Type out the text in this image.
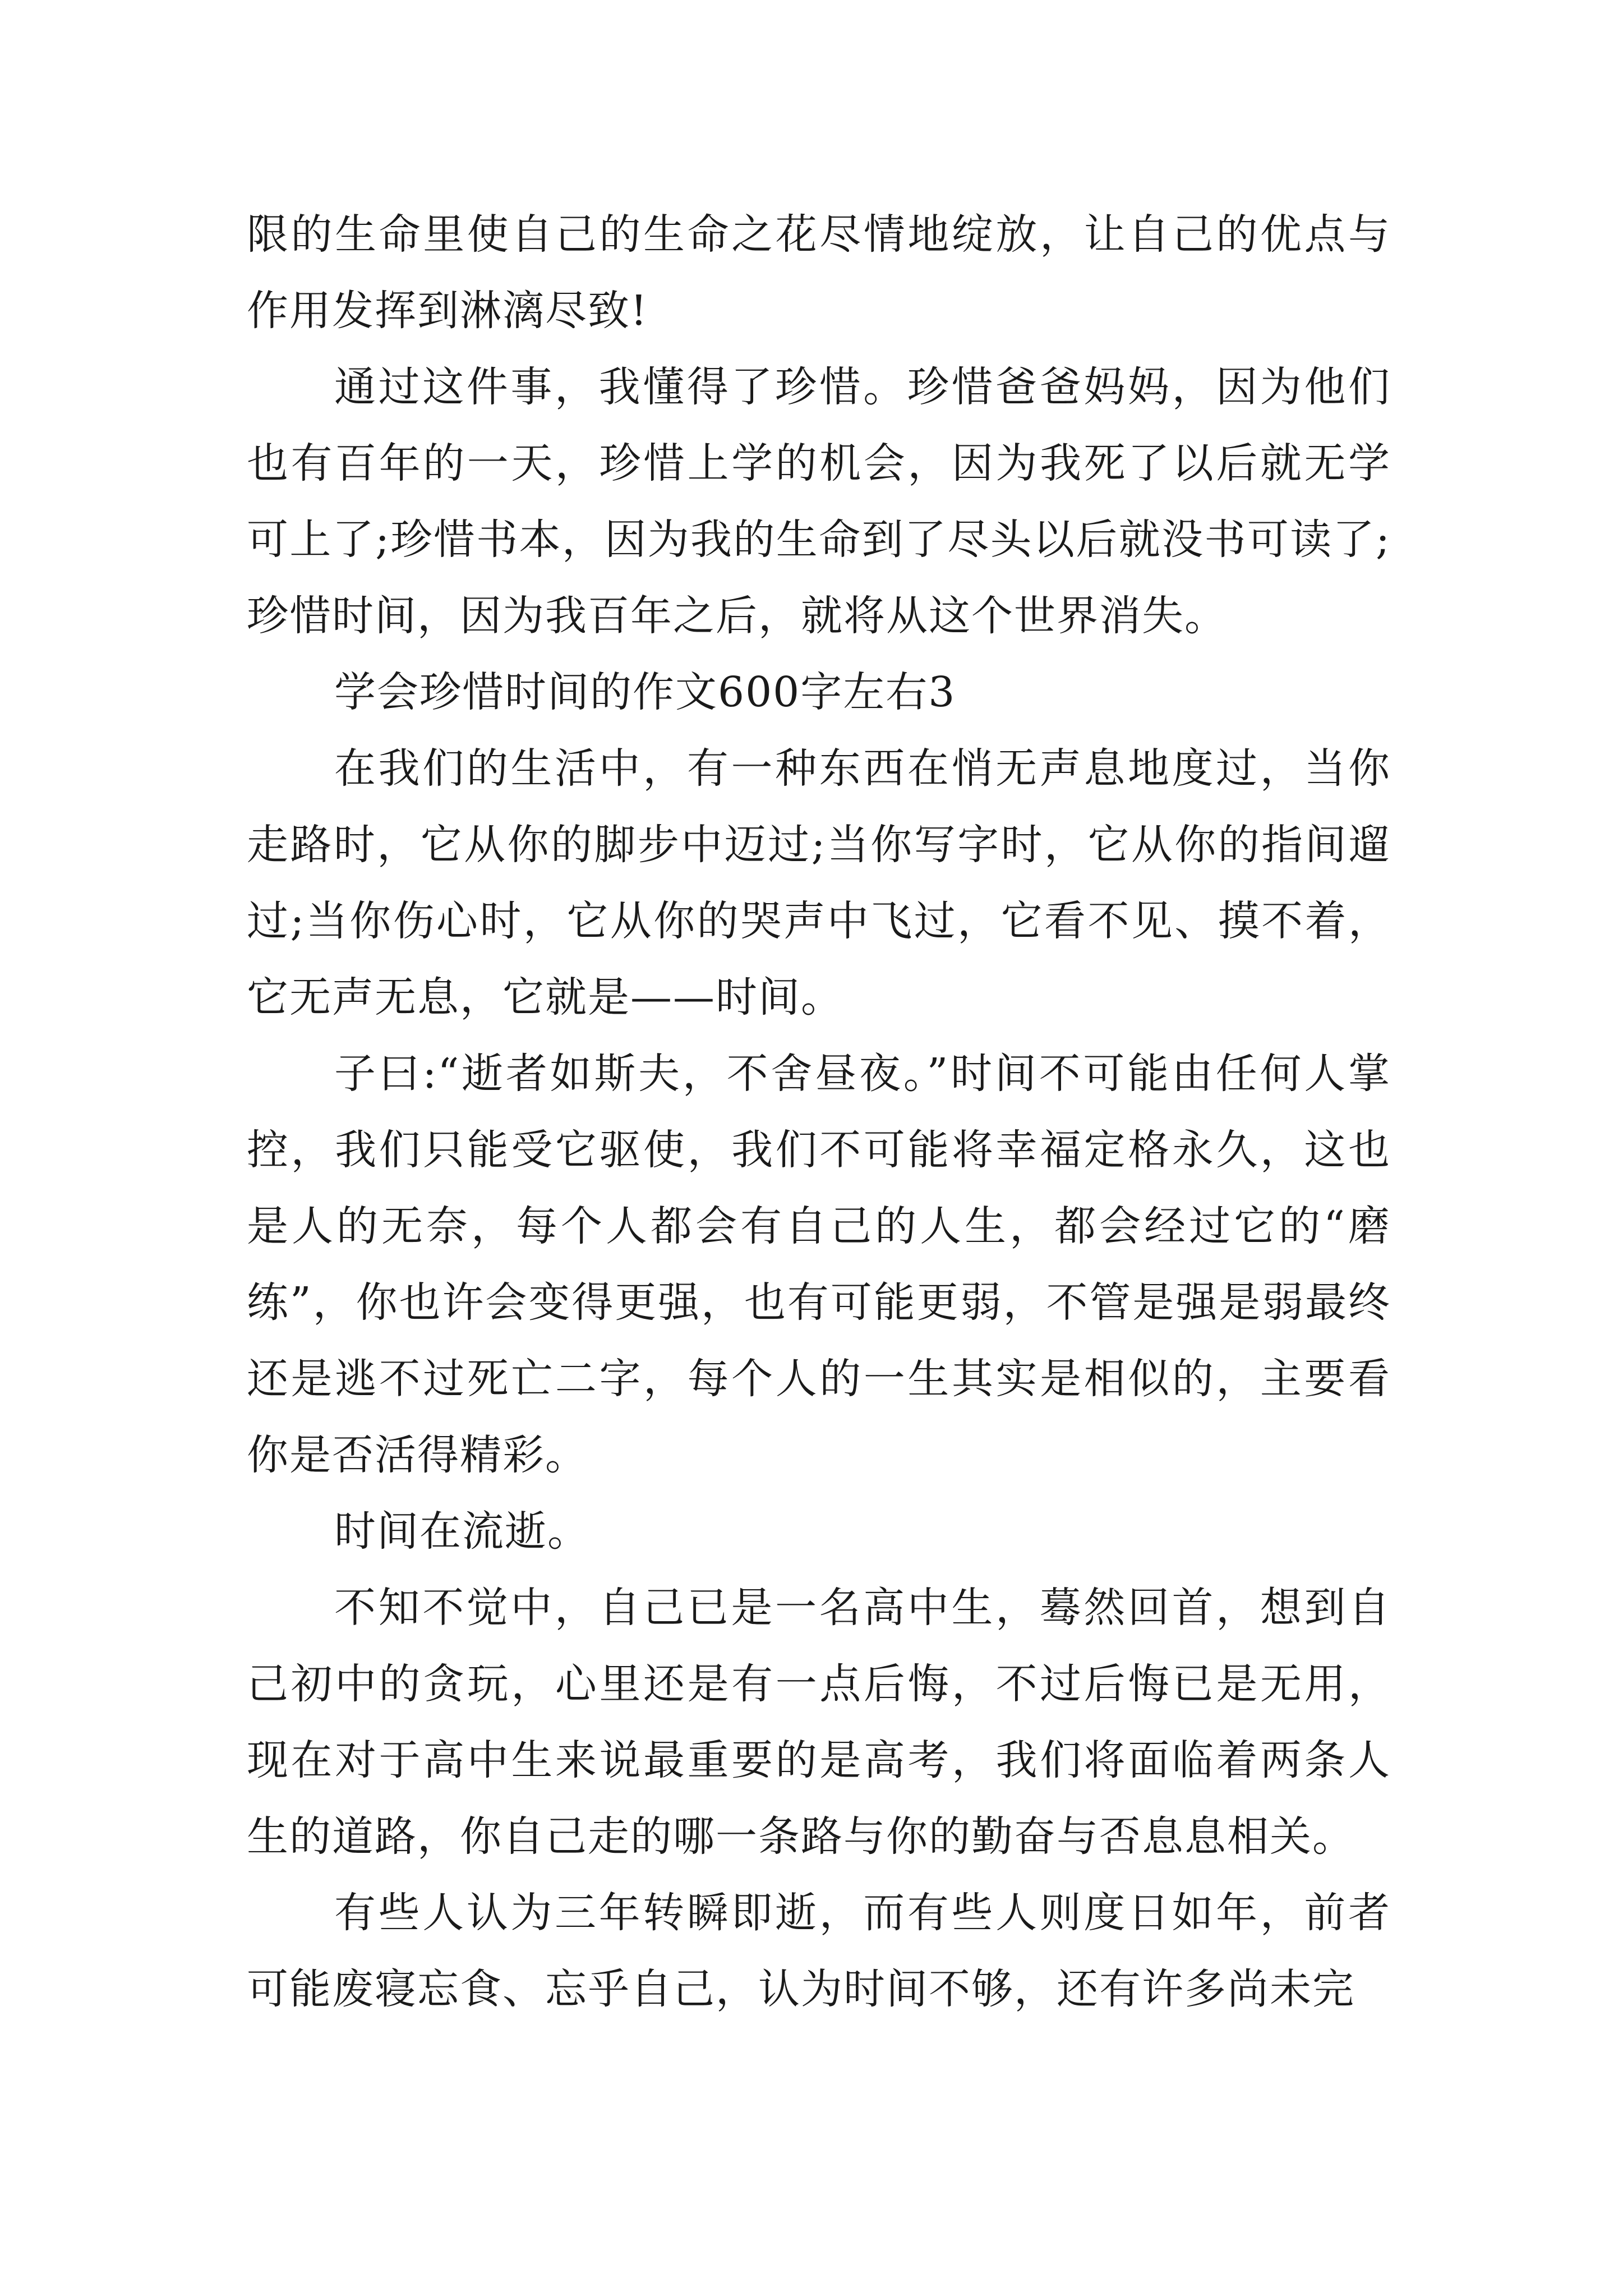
限的生命里使自己的生命之花尽情地绽放，让自己的优点与作用发挥到淋漓尽致!

通过这件事，我懂得了珍惜。珍惜爸爸妈妈，因为他们也有百年的一天，珍惜上学的机会，因为我死了以后就无学可上了;珍惜书本，因为我的生命到了尽头以后就没书可读了;珍惜时间，因为我百年之后，就将从这个世界消失。

学会珍惜时间的作文600字左右3

在我们的生活中，有一种东西在悄无声息地度过，当你走路时，它从你的脚步中迈过;当你写字时，它从你的指间遛过;当你伤心时，它从你的哭声中飞过，它看不见、摸不着，它无声无息，它就是——时间。

子曰:“逝者如斯夫，不舍昼夜。”时间不可能由任何人掌控，我们只能受它驱使，我们不可能将幸福定格永久，这也是人的无奈，每个人都会有自己的人生，都会经过它的“磨练”，你也许会变得更强，也有可能更弱，不管是强是弱最终还是逃不过死亡二字，每个人的一生其实是相似的，主要看你是否活得精彩。

时间在流逝。

不知不觉中，自己已是一名高中生，蓦然回首，想到自己初中的贪玩，心里还是有一点后悔，不过后悔已是无用，现在对于高中生来说最重要的是高考，我们将面临着两条人生的道路，你自己走的哪一条路与你的勤奋与否息息相关。

有些人认为三年转瞬即逝，而有些人则度日如年，前者可能废寝忘食、忘乎自己，认为时间不够，还有许多尚未完
